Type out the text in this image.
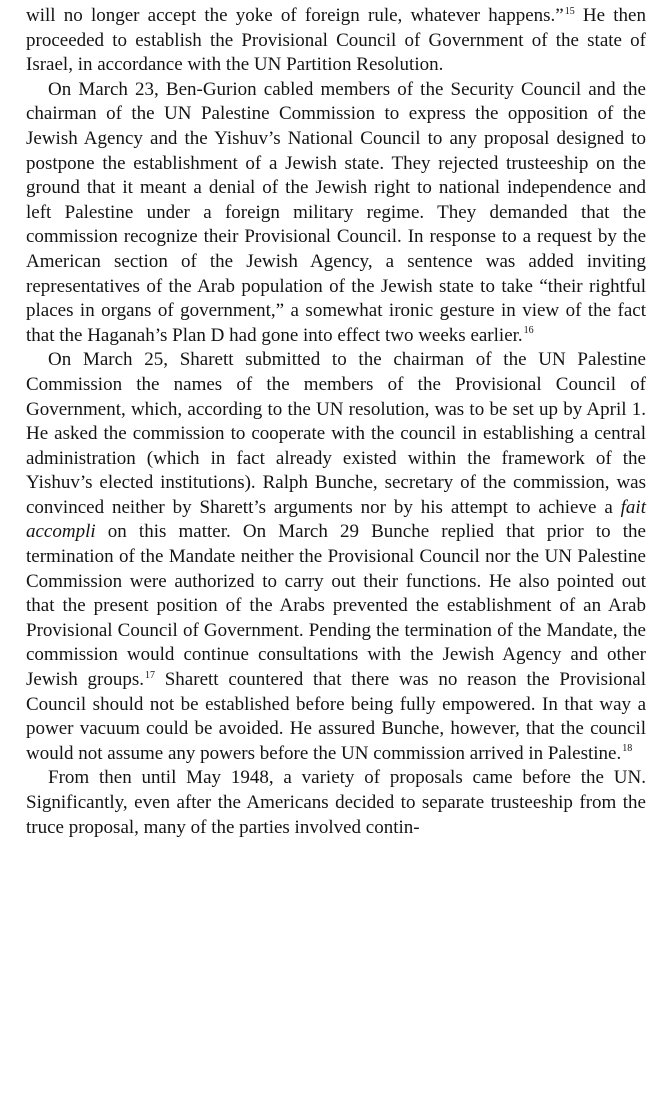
will no longer accept the yoke of foreign rule, whatever happens.”$^{15}$ He then proceeded to establish the Provisional Council of Government of the state of Israel, in accordance with the UN Partition Resolution.

On March 23, Ben-Gurion cabled members of the Security Council and the chairman of the UN Palestine Commission to express the opposition of the Jewish Agency and the Yishuv’s National Council to any proposal designed to postpone the establishment of a Jewish state. They rejected trusteeship on the ground that it meant a denial of the Jewish right to national independence and left Palestine under a foreign military regime. They demanded that the commission recognize their Provisional Council. In response to a request by the American section of the Jewish Agency, a sentence was added inviting representatives of the Arab population of the Jewish state to take “their rightful places in organs of government,” a somewhat ironic gesture in view of the fact that the Haganah’s Plan D had gone into effect two weeks earlier.$^{16}$

On March 25, Sharett submitted to the chairman of the UN Palestine Commission the names of the members of the Provisional Council of Government, which, according to the UN resolution, was to be set up by April 1. He asked the commission to cooperate with the council in establishing a central administration (which in fact already existed within the framework of the Yishuv’s elected institutions). Ralph Bunche, secretary of the commission, was convinced neither by Sharett’s arguments nor by his attempt to achieve a fait accompli on this matter. On March 29 Bunche replied that prior to the termination of the Mandate neither the Provisional Council nor the UN Palestine Commission were authorized to carry out their functions. He also pointed out that the present position of the Arabs prevented the establishment of an Arab Provisional Council of Government. Pending the termination of the Mandate, the commission would continue consultations with the Jewish Agency and other Jewish groups.$^{17}$ Sharett countered that there was no reason the Provisional Council should not be established before being fully empowered. In that way a power vacuum could be avoided. He assured Bunche, however, that the council would not assume any powers before the UN commission arrived in Palestine.$^{18}$

From then until May 1948, a variety of proposals came before the UN. Significantly, even after the Americans decided to separate trusteeship from the truce proposal, many of the parties involved contin-
